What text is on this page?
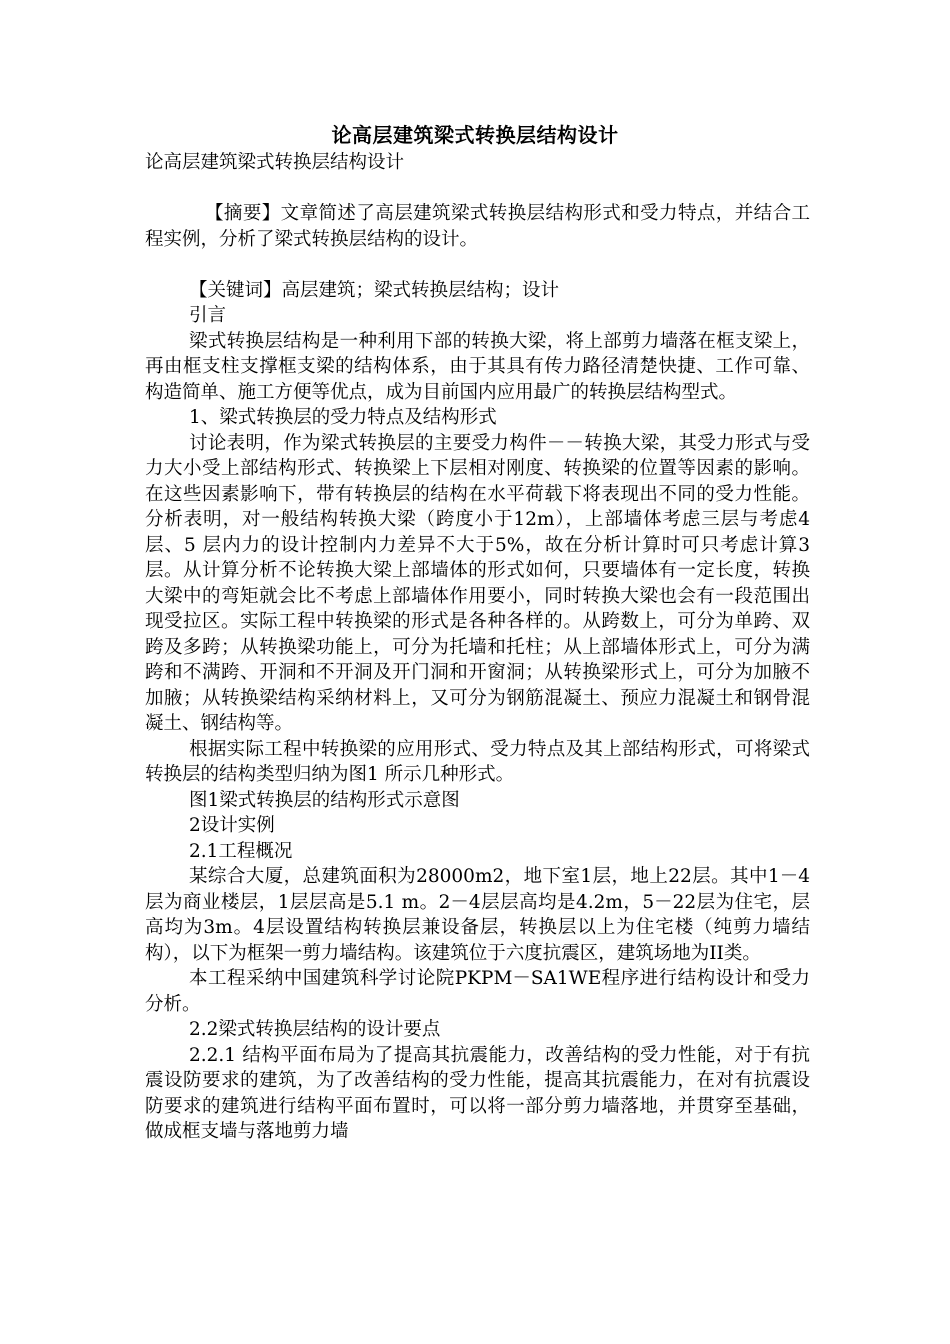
论高层建筑梁式转换层结构设计

论高层建筑梁式转换层结构设计

【摘要】文章简述了高层建筑梁式转换层结构形式和受力特点，并结合工程实例，分析了梁式转换层结构的设计。

【关键词】高层建筑；梁式转换层结构；设计

引言

梁式转换层结构是一种利用下部的转换大梁，将上部剪力墙落在框支梁上，再由框支柱支撑框支梁的结构体系，由于其具有传力路径清楚快捷、工作可靠、构造简单、施工方便等优点，成为目前国内应用最广的转换层结构型式。

1、梁式转换层的受力特点及结构形式

讨论表明，作为梁式转换层的主要受力构件－－转换大梁，其受力形式与受力大小受上部结构形式、转换梁上下层相对刚度、转换梁的位置等因素的影响。在这些因素影响下，带有转换层的结构在水平荷载下将表现出不同的受力性能。分析表明，对一般结构转换大梁（跨度小于12m），上部墙体考虑三层与考虑4 层、5 层内力的设计控制内力差异不大于5%，故在分析计算时可只考虑计算3层。从计算分析不论转换大梁上部墙体的形式如何，只要墙体有一定长度，转换大梁中的弯矩就会比不考虑上部墙体作用要小，同时转换大梁也会有一段范围出现受拉区。实际工程中转换梁的形式是各种各样的。从跨数上，可分为单跨、双跨及多跨；从转换梁功能上，可分为托墙和托柱；从上部墙体形式上，可分为满跨和不满跨、开洞和不开洞及开门洞和开窗洞；从转换梁形式上，可分为加腋不加腋；从转换梁结构采纳材料上，又可分为钢筋混凝土、预应力混凝土和钢骨混凝土、钢结构等。

根据实际工程中转换梁的应用形式、受力特点及其上部结构形式，可将梁式转换层的结构类型归纳为图1 所示几种形式。

图1梁式转换层的结构形式示意图

2设计实例

2.1工程概况

某综合大厦，总建筑面积为28000m2，地下室1层，地上22层。其中1－4层为商业楼层，1层层高是5.1 m。2－4层层高均是4.2m，5－22层为住宅，层高均为3m。4层设置结构转换层兼设备层，转换层以上为住宅楼（纯剪力墙结构），以下为框架一剪力墙结构。该建筑位于六度抗震区，建筑场地为II类。

本工程采纳中国建筑科学讨论院PKPM－SA1WE程序进行结构设计和受力分析。

2.2梁式转换层结构的设计要点

2.2.1 结构平面布局为了提高其抗震能力，改善结构的受力性能，对于有抗震设防要求的建筑，为了改善结构的受力性能，提高其抗震能力，在对有抗震设防要求的建筑进行结构平面布置时，可以将一部分剪力墙落地，并贯穿至基础，做成框支墙与落地剪力墙
